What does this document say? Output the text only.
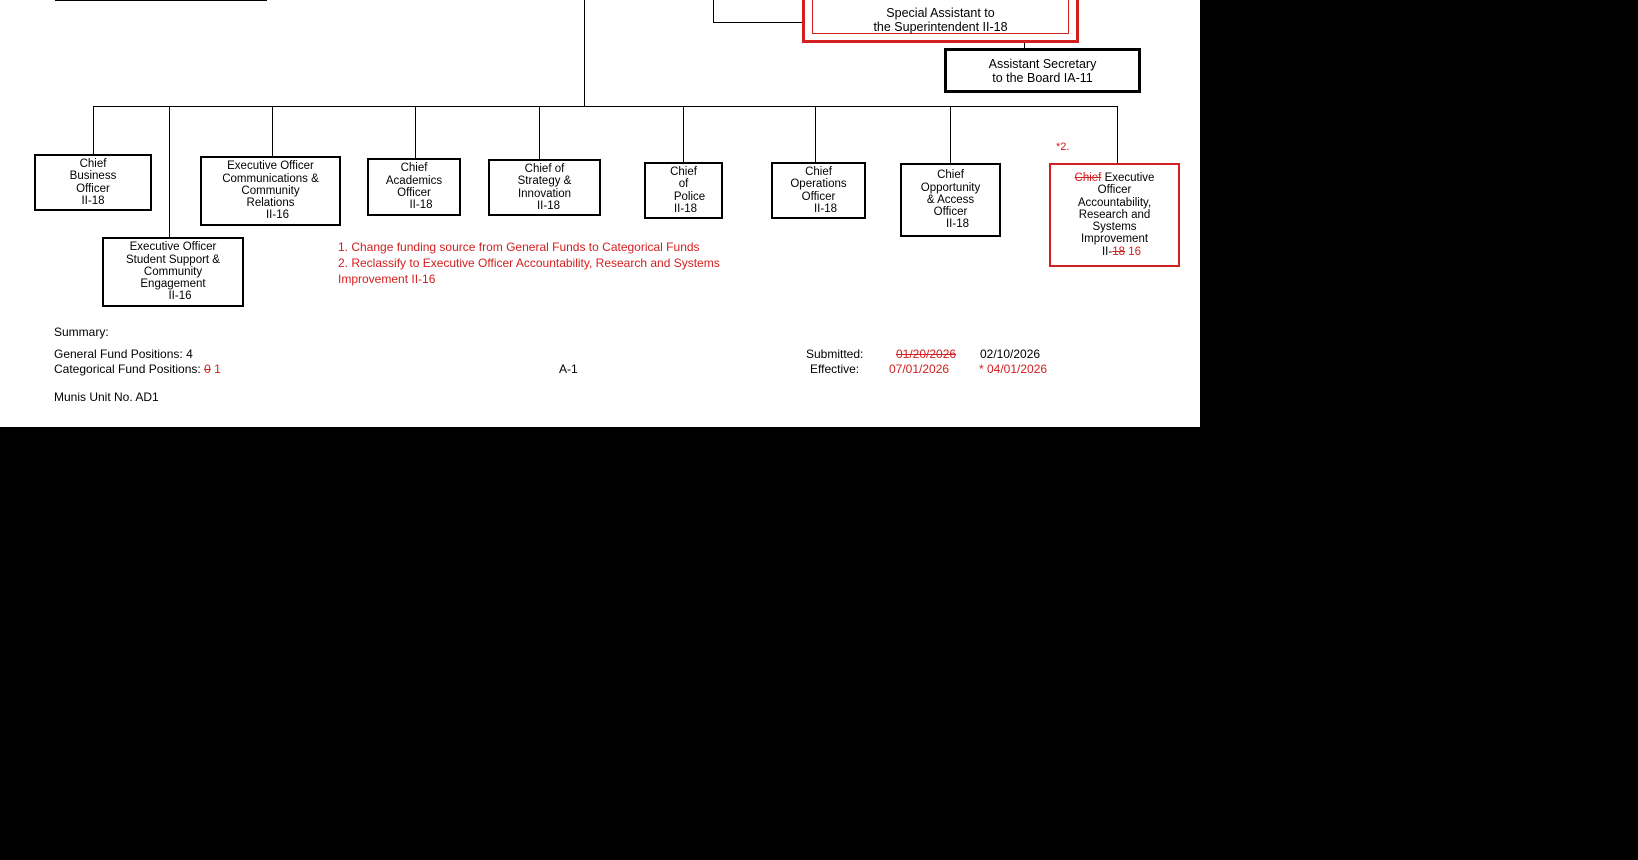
Special Assistant to
the Superintendent II-18
Assistant Secretary
to the Board IA-11
Chief
Business
Officer
II-18
Executive Officer
Communications &
Community
Relations
II-16
Chief
Academics
Officer
II-18
Chief of
Strategy &
Innovation
II-18
Chief
of
Police
II-18
Chief
Operations
Officer
II-18
Chief
Opportunity
& Access
Officer
II-18
Executive Officer
Student Support &
Community
Engagement
II-16
*2.
Chief Executive
Officer
Accountability,
Research and
Systems
Improvement
II-18 16
1. Change funding source from General Funds to Categorical Funds
2. Reclassify to Executive Officer Accountability, Research and Systems
Improvement II-16
Summary:
General Fund Positions: 4
Categorical Fund Positions: 0 1
Munis Unit No. AD1
A-1
Submitted:	01/20/2026 02/10/2026
Effective: 07/01/2026 * 04/01/2026
